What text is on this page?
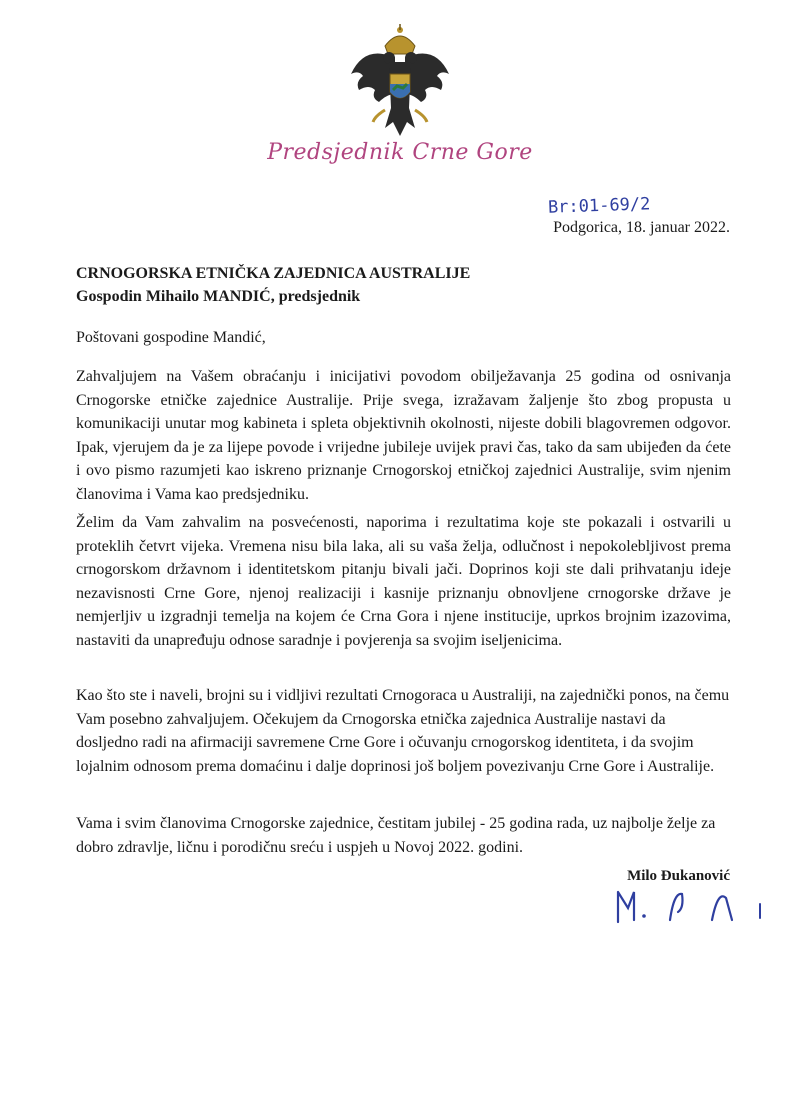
Predsjednik Crne Gore
Br:01-69/2
Podgorica, 18. januar 2022.
CRNOGORSKA ETNIČKA ZAJEDNICA AUSTRALIJE
Gospodin Mihailo MANDIĆ, predsjednik
Poštovani gospodine Mandić,

Zahvaljujem na Vašem obraćanju i inicijativi povodom obilježavanja 25 godina od osnivanja Crnogorske etničke zajednice Australije. Prije svega, izražavam žaljenje što zbog propusta u komunikaciji unutar mog kabineta i spleta objektivnih okolnosti, nijeste dobili blagovremen odgovor. Ipak, vjerujem da je za lijepe povode i vrijedne jubileje uvijek pravi čas, tako da sam ubijeđen da ćete i ovo pismo razumjeti kao iskreno priznanje Crnogorskoj etničkoj zajednici Australije, svim njenim članovima i Vama kao predsjedniku.

Želim da Vam zahvalim na posvećenosti, naporima i rezultatima koje ste pokazali i ostvarili u proteklih četvrt vijeka. Vremena nisu bila laka, ali su vaša želja, odlučnost i nepokolebljivost prema crnogorskom državnom i identitetskom pitanju bivali jači. Doprinos koji ste dali prihvatanju ideje nezavisnosti Crne Gore, njenoj realizaciji i kasnije priznanju obnovljene crnogorske države je nemjerljiv u izgradnji temelja na kojem će Crna Gora i njene institucije, uprkos brojnim izazovima, nastaviti da unapređuju odnose saradnje i povjerenja sa svojim iseljenicima.

Kao što ste i naveli, brojni su i vidljivi rezultati Crnogoraca u Australiji, na zajednički ponos, na čemu Vam posebno zahvaljujem. Očekujem da Crnogorska etnička zajednica Australije nastavi da dosljedno radi na afirmaciji savremene Crne Gore i očuvanju crnogorskog identiteta, i da svojim lojalnim odnosom prema domaćinu i dalje doprinosi još boljem povezivanju Crne Gore i Australije.

Vama i svim članovima Crnogorske zajednice, čestitam jubilej - 25 godina rada, uz najbolje želje za dobro zdravlje, ličnu i porodičnu sreću i uspjeh u Novoj 2022. godini.

Milo Đukanović
